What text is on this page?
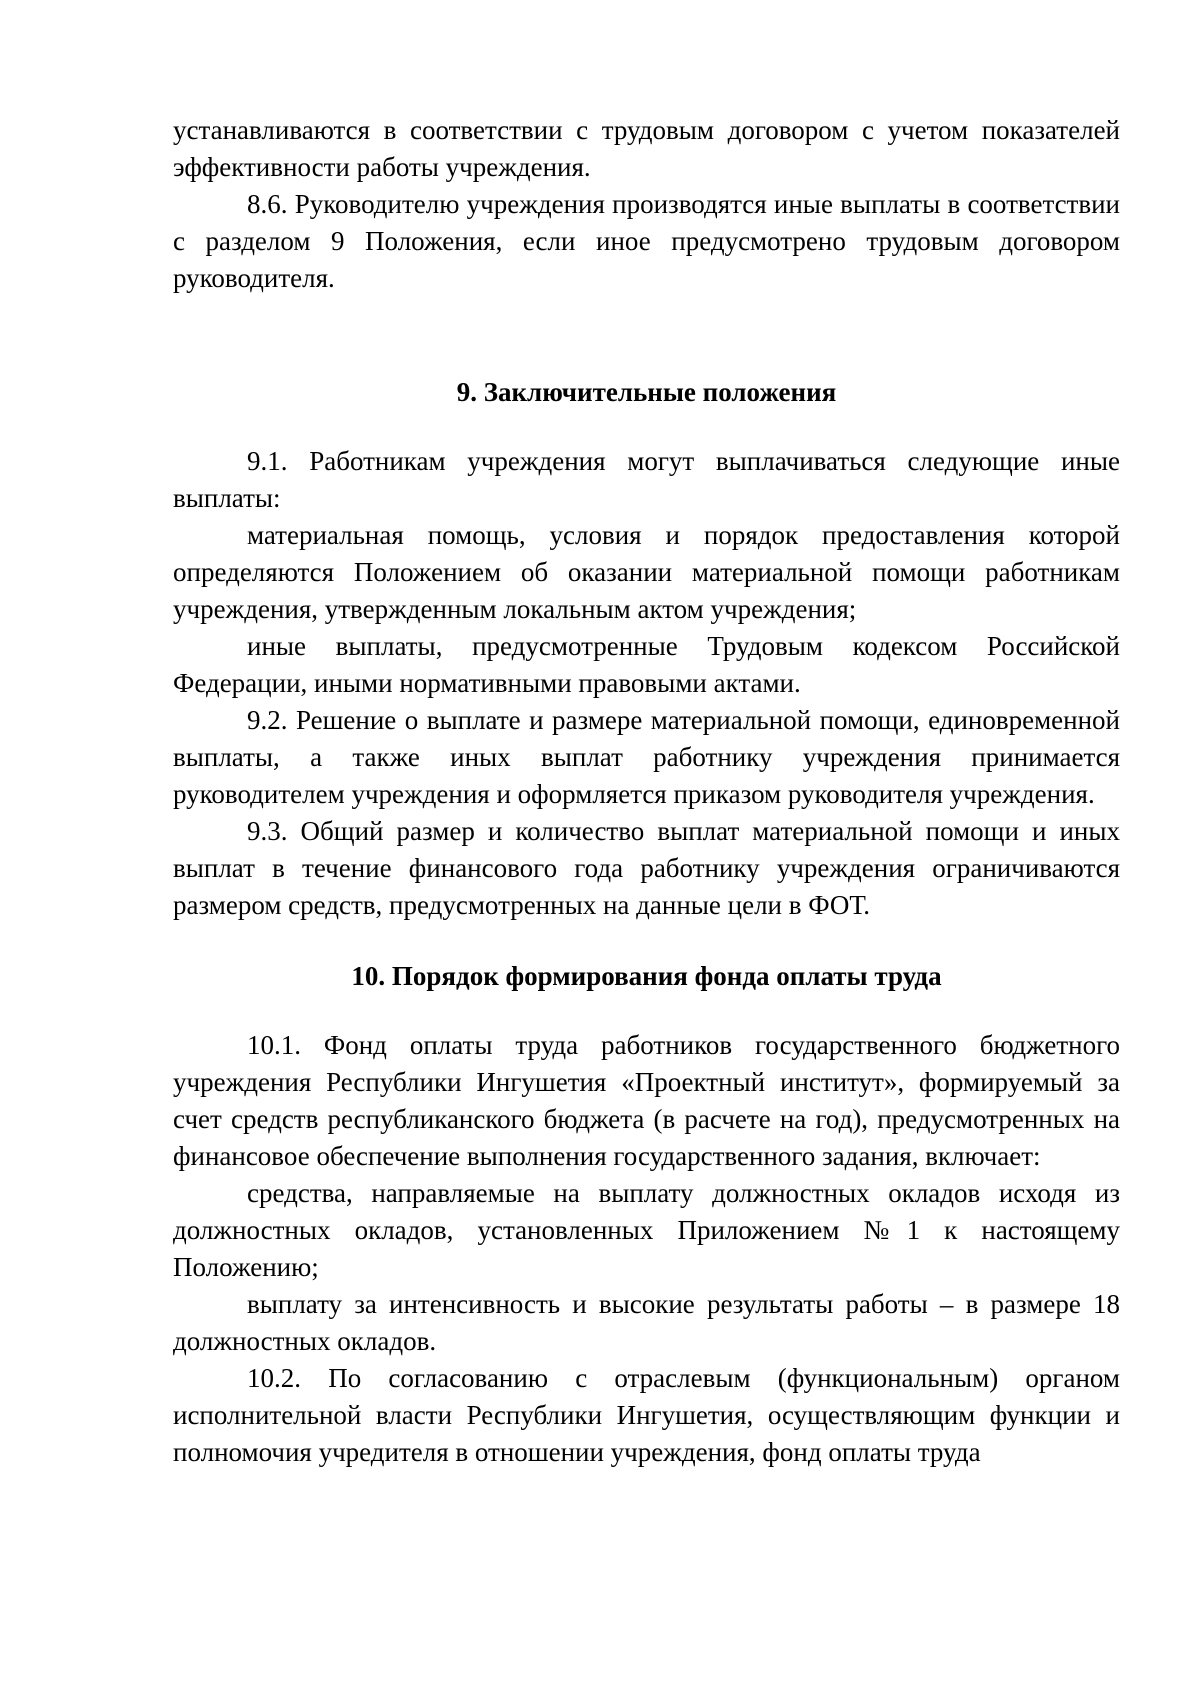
устанавливаются в соответствии с трудовым договором с учетом показателей эффективности работы учреждения.

8.6. Руководителю учреждения производятся иные выплаты в соответствии с разделом 9 Положения, если иное предусмотрено трудовым договором руководителя.

9. Заключительные положения

9.1. Работникам учреждения могут выплачиваться следующие иные выплаты:

материальная помощь, условия и порядок предоставления которой определяются Положением об оказании материальной помощи работникам учреждения, утвержденным локальным актом учреждения;

иные выплаты, предусмотренные Трудовым кодексом Российской Федерации, иными нормативными правовыми актами.

9.2. Решение о выплате и размере материальной помощи, единовременной выплаты, а также иных выплат работнику учреждения принимается руководителем учреждения и оформляется приказом руководителя учреждения.

9.3. Общий размер и количество выплат материальной помощи и иных выплат в течение финансового года работнику учреждения ограничиваются размером средств, предусмотренных на данные цели в ФОТ.

10. Порядок формирования фонда оплаты труда

10.1. Фонд оплаты труда работников государственного бюджетного учреждения Республики Ингушетия «Проектный институт», формируемый за счет средств республиканского бюджета (в расчете на год), предусмотренных на финансовое обеспечение выполнения государственного задания, включает:

средства, направляемые на выплату должностных окладов исходя из должностных окладов, установленных Приложением №1 к настоящему Положению;

выплату за интенсивность и высокие результаты работы – в размере 18 должностных окладов.

10.2. По согласованию с отраслевым (функциональным) органом исполнительной власти Республики Ингушетия, осуществляющим функции и полномочия учредителя в отношении учреждения, фонд оплаты труда
